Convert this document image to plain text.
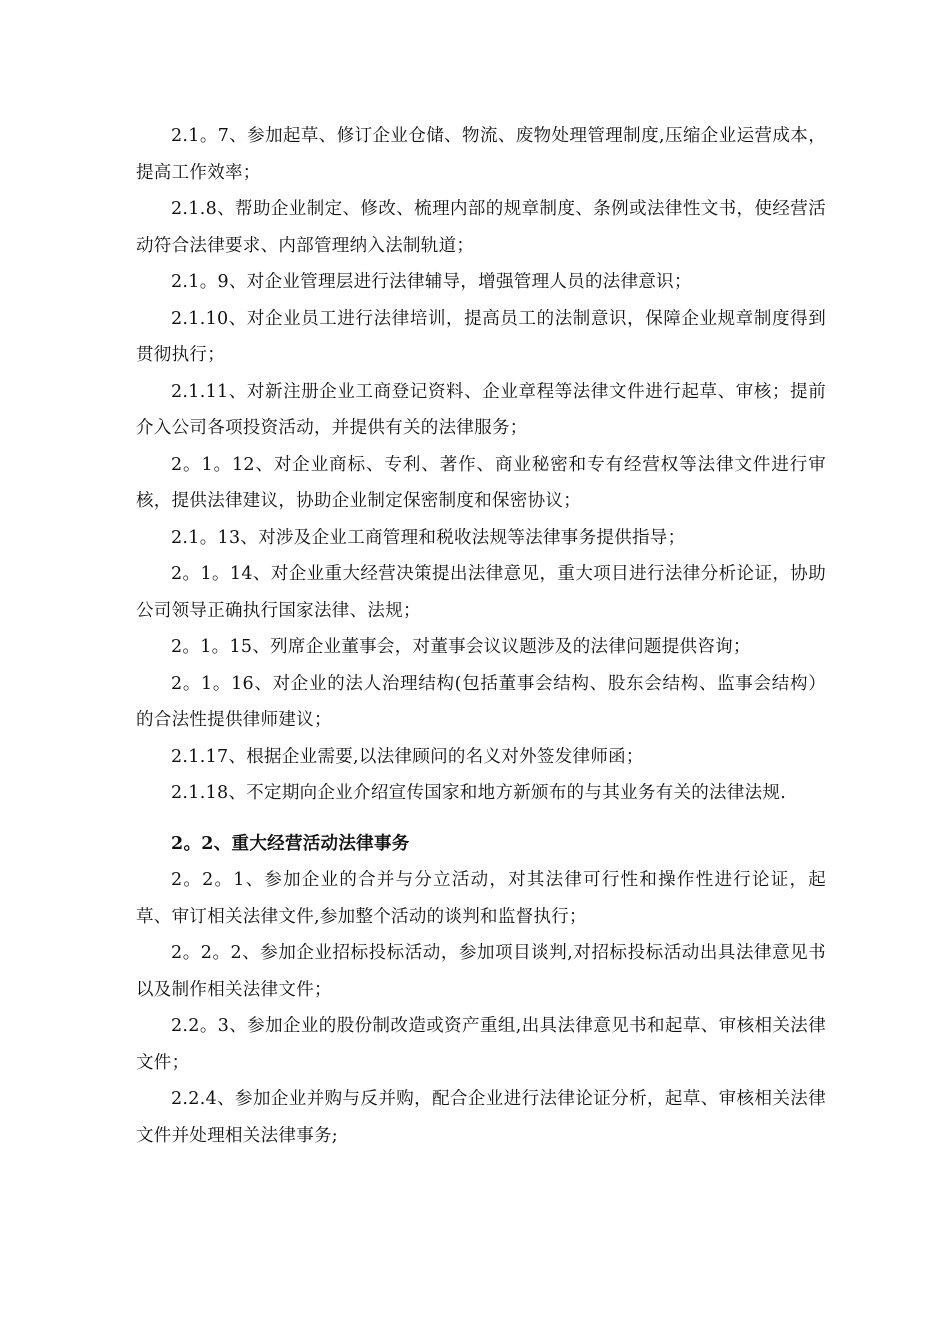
2.1。7、参加起草、修订企业仓储、物流、废物处理管理制度,压缩企业运营成本，提高工作效率；

2.1.8、帮助企业制定、修改、梳理内部的规章制度、条例或法律性文书，使经营活动符合法律要求、内部管理纳入法制轨道；

2.1。9、对企业管理层进行法律辅导，增强管理人员的法律意识；

2.1.10、对企业员工进行法律培训，提高员工的法制意识，保障企业规章制度得到贯彻执行；

2.1.11、对新注册企业工商登记资料、企业章程等法律文件进行起草、审核；提前介入公司各项投资活动，并提供有关的法律服务；

2。1。12、对企业商标、专利、著作、商业秘密和专有经营权等法律文件进行审核，提供法律建议，协助企业制定保密制度和保密协议；

2.1。13、对涉及企业工商管理和税收法规等法律事务提供指导；

2。1。14、对企业重大经营决策提出法律意见，重大项目进行法律分析论证，协助公司领导正确执行国家法律、法规；

2。1。15、列席企业董事会，对董事会议议题涉及的法律问题提供咨询；

2。1。16、对企业的法人治理结构(包括董事会结构、股东会结构、监事会结构）的合法性提供律师建议；

2.1.17、根据企业需要,以法律顾问的名义对外签发律师函；

2.1.18、不定期向企业介绍宣传国家和地方新颁布的与其业务有关的法律法规.

2。2、重大经营活动法律事务

2。2。1、参加企业的合并与分立活动，对其法律可行性和操作性进行论证，起草、审订相关法律文件,参加整个活动的谈判和监督执行；

2。2。2、参加企业招标投标活动，参加项目谈判,对招标投标活动出具法律意见书以及制作相关法律文件；

2.2。3、参加企业的股份制改造或资产重组,出具法律意见书和起草、审核相关法律文件；

2.2.4、参加企业并购与反并购，配合企业进行法律论证分析，起草、审核相关法律文件并处理相关法律事务;
